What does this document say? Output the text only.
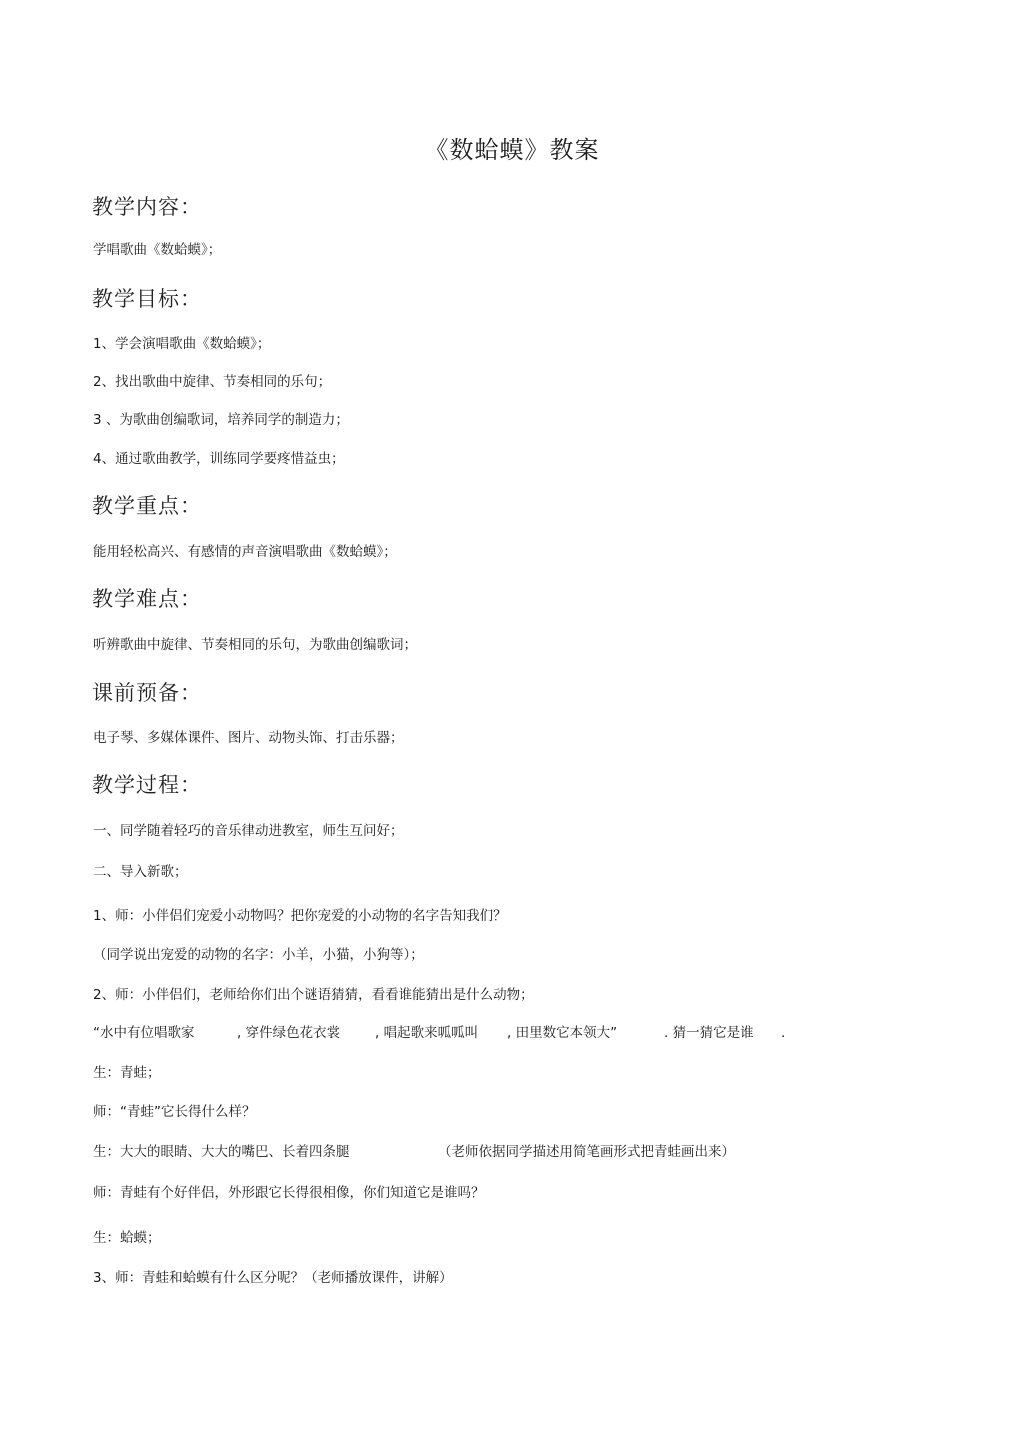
《数蛤蟆》教案
教学内容：
学唱歌曲《数蛤蟆》；
教学目标：
1、学会演唱歌曲《数蛤蟆》；
2、找出歌曲中旋律、节奏相同的乐句；
3 、为歌曲创编歌词，培养同学的制造力；
4、通过歌曲教学，训练同学要疼惜益虫；
教学重点：
能用轻松高兴、有感情的声音演唱歌曲《数蛤蟆》；
教学难点：
听辨歌曲中旋律、节奏相同的乐句，为歌曲创编歌词；
课前预备：
电子琴、多媒体课件、图片、动物头饰、打击乐器；
教学过程：
一、同学随着轻巧的音乐律动进教室，师生互问好；
二、导入新歌；
1、师：小伴侣们宠爱小动物吗？把你宠爱的小动物的名字告知我们？
（同学说出宠爱的动物的名字：小羊，小猫，小狗等）；
2、师：小伴侣们，老师给你们出个谜语猜猜，看看谁能猜出是什么动物；
“水中有位唱歌家	, 穿件绿色花衣裳	, 唱起歌来呱呱叫 , 田里数它本领大”	. 猜一猜它是谁 .
生：青蛙；
师：“青蛙”它长得什么样？
生：大大的眼睛、大大的嘴巴、长着四条腿	（老师依据同学描述用简笔画形式把青蛙画出来）
师：青蛙有个好伴侣，外形跟它长得很相像，你们知道它是谁吗？
生：蛤蟆；
3、师：青蛙和蛤蟆有什么区分呢？（老师播放课件，讲解）
